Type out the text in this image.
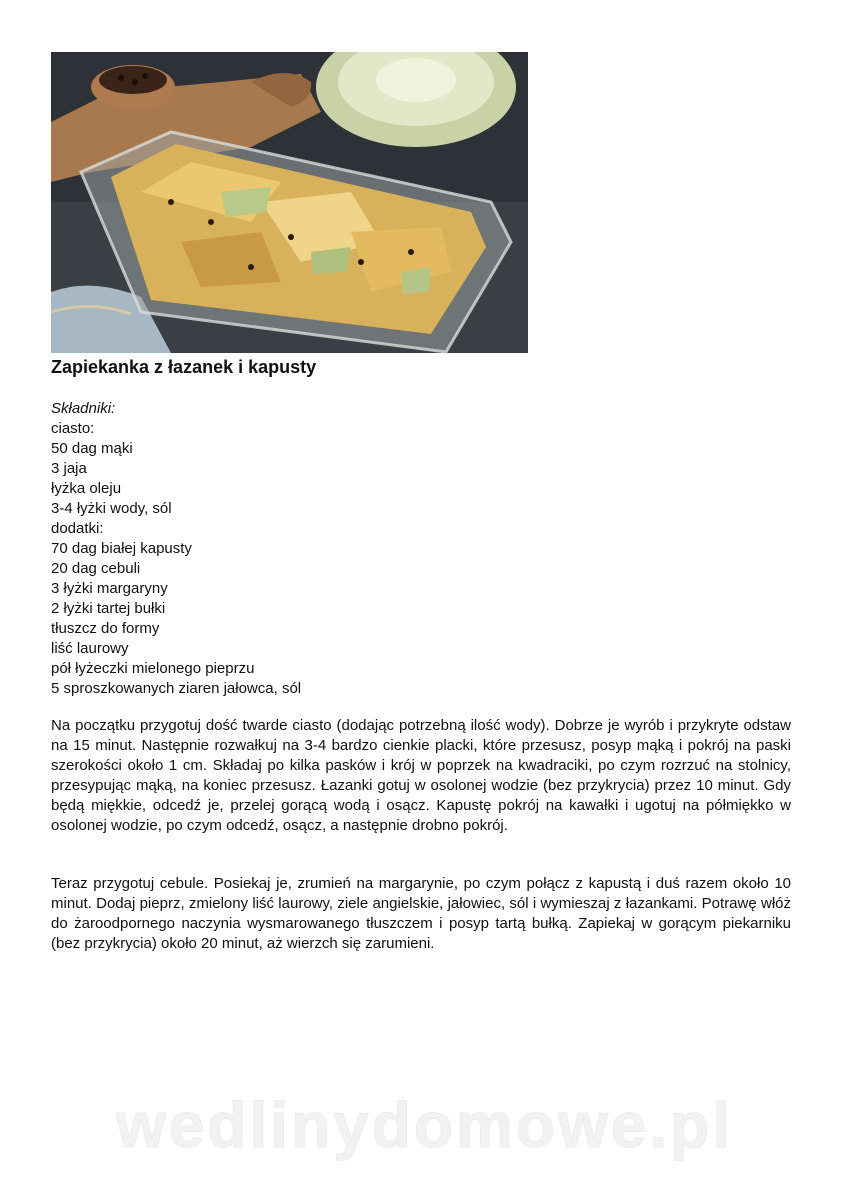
Zapiekanka z łazanek i kapusty
Składniki:
ciasto:
50 dag mąki
3 jaja
łyżka oleju
3-4 łyżki wody, sól
dodatki:
70 dag białej kapusty
20 dag cebuli
3 łyżki margaryny
2 łyżki tartej bułki
tłuszcz do formy
liść laurowy
pół łyżeczki mielonego pieprzu
5 sproszkowanych ziaren jałowca, sól
Na początku przygotuj dość twarde ciasto (dodając potrzebną ilość wody). Dobrze je wyrób i przykryte odstaw na 15 minut. Następnie rozwałkuj na 3-4 bardzo cienkie placki, które przesusz, posyp mąką i pokrój na paski szerokości około 1 cm. Składaj po kilka pasków i krój w poprzek na kwadraciki, po czym rozrzuć na stolnicy, przesypując mąką, na koniec przesusz. Łazanki gotuj w osolonej wodzie (bez przykrycia) przez 10 minut. Gdy będą miękkie, odcedź je, przelej gorącą wodą i osącz. Kapustę pokrój na kawałki i ugotuj na półmiękko w osolonej wodzie, po czym odcedź, osącz, a następnie drobno pokrój.
Teraz przygotuj cebule. Posiekaj je, zrumień na margarynie, po czym połącz z kapustą i duś razem około 10 minut. Dodaj pieprz, zmielony liść laurowy, ziele angielskie, jałowiec, sól i wymieszaj z łazankami. Potrawę włóż do żaroodpornego naczynia wysmarowanego tłuszczem i posyp tartą bułką. Zapiekaj w gorącym piekarniku (bez przykrycia) około 20 minut, aż wierzch się zarumieni.
wedlinydomowe.pl
